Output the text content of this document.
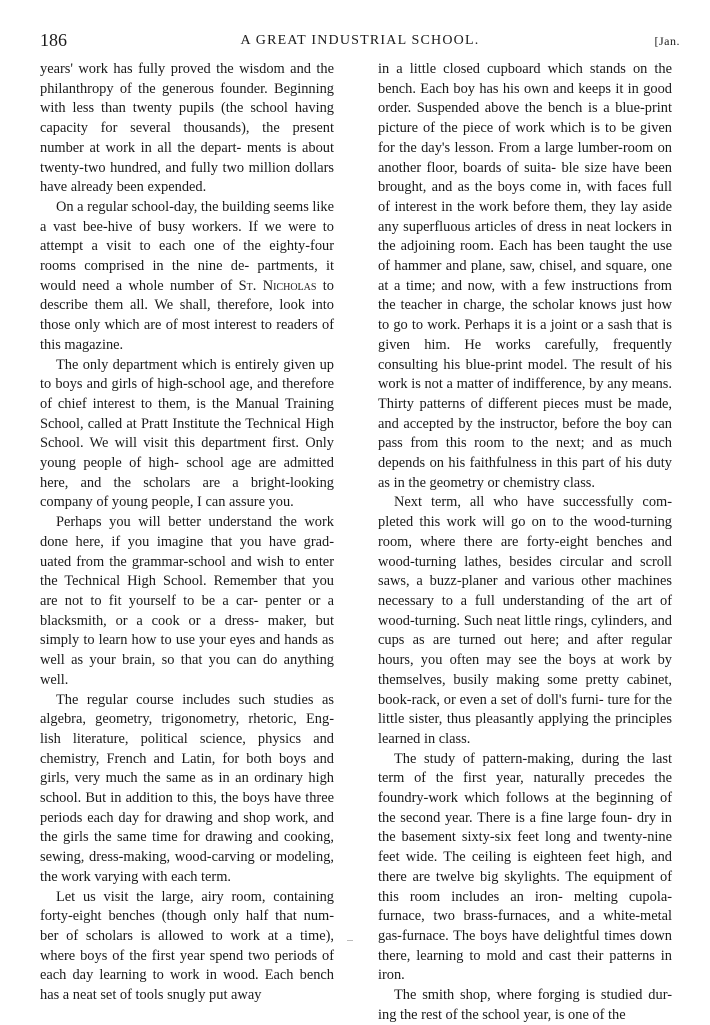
186	A GREAT INDUSTRIAL SCHOOL.	[Jan.

years' work has fully proved the wisdom and the philanthropy of the generous founder. Beginning with less than twenty pupils (the school having capacity for several thousands), the present number at work in all the depart- ments is about twenty-two hundred, and fully two million dollars have already been expended.

On a regular school-day, the building seems like a vast bee-hive of busy workers. If we were to attempt a visit to each one of the eighty-four rooms comprised in the nine de- partments, it would need a whole number of St. Nicholas to describe them all. We shall, therefore, look into those only which are of most interest to readers of this magazine.

The only department which is entirely given up to boys and girls of high-school age, and therefore of chief interest to them, is the Manual Training School, called at Pratt Institute the Technical High School. We will visit this department first. Only young people of high- school age are admitted here, and the scholars are a bright-looking company of young people, I can assure you.

Perhaps you will better understand the work done here, if you imagine that you have grad- uated from the grammar-school and wish to enter the Technical High School. Remember that you are not to fit yourself to be a car- penter or a blacksmith, or a cook or a dress- maker, but simply to learn how to use your eyes and hands as well as your brain, so that you can do anything well.

The regular course includes such studies as algebra, geometry, trigonometry, rhetoric, Eng- lish literature, political science, physics and chemistry, French and Latin, for both boys and girls, very much the same as in an ordinary high school. But in addition to this, the boys have three periods each day for drawing and shop work, and the girls the same time for drawing and cooking, sewing, dress-making, wood-carving or modeling, the work varying with each term.

Let us visit the large, airy room, containing forty-eight benches (though only half that num- ber of scholars is allowed to work at a time), where boys of the first year spend two periods of each day learning to work in wood. Each bench has a neat set of tools snugly put away

in a little closed cupboard which stands on the bench. Each boy has his own and keeps it in good order. Suspended above the bench is a blue-print picture of the piece of work which is to be given for the day's lesson. From a large lumber-room on another floor, boards of suita- ble size have been brought, and as the boys come in, with faces full of interest in the work before them, they lay aside any superfluous articles of dress in neat lockers in the adjoining room. Each has been taught the use of hammer and plane, saw, chisel, and square, one at a time; and now, with a few instructions from the teacher in charge, the scholar knows just how to go to work. Perhaps it is a joint or a sash that is given him. He works carefully, frequently consulting his blue-print model. The result of his work is not a matter of indifference, by any means. Thirty patterns of different pieces must be made, and accepted by the instructor, before the boy can pass from this room to the next; and as much depends on his faithfulness in this part of his duty as in the geometry or chemistry class.

Next term, all who have successfully com- pleted this work will go on to the wood-turning room, where there are forty-eight benches and wood-turning lathes, besides circular and scroll saws, a buzz-planer and various other machines necessary to a full understanding of the art of wood-turning. Such neat little rings, cylinders, and cups as are turned out here; and after regular hours, you often may see the boys at work by themselves, busily making some pretty cabinet, book-rack, or even a set of doll's furni- ture for the little sister, thus pleasantly applying the principles learned in class.

The study of pattern-making, during the last term of the first year, naturally precedes the foundry-work which follows at the beginning of the second year. There is a fine large foun- dry in the basement sixty-six feet long and twenty-nine feet wide. The ceiling is eighteen feet high, and there are twelve big skylights. The equipment of this room includes an iron- melting cupola-furnace, two brass-furnaces, and a white-metal gas-furnace. The boys have delightful times down there, learning to mold and cast their patterns in iron.

The smith shop, where forging is studied dur- ing the rest of the school year, is one of the
